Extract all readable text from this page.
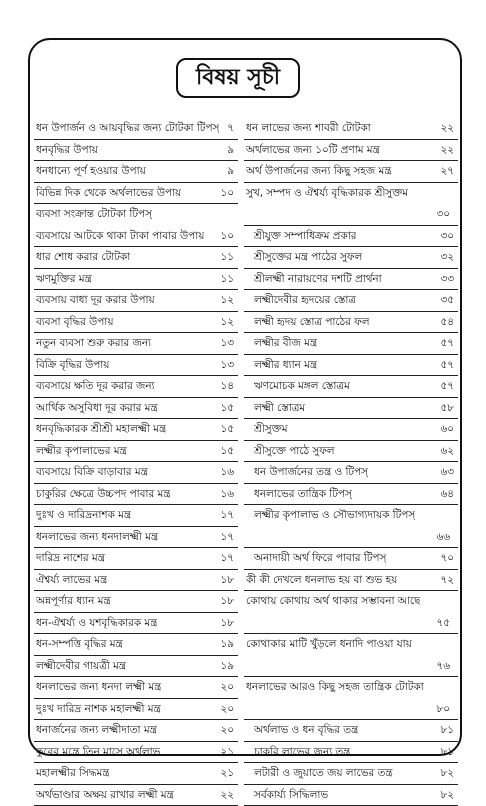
বিষয় সূচী
ধন উপার্জন ও আয়বৃদ্ধির জন্য টোটকা টিপস্ ৭
ধনবৃদ্ধির উপায়	৯
ধনধান্যে পূর্ণ হওয়ার উপায়	৯
বিভিন্ন দিক থেকে অর্থলাভের উপায়	১০
ব্যবসা সংক্রান্ত টোটকা টিপস্
ব্যবসায়ে আটকে থাকা টাকা পাবার উপায় ১০
ধার শোধ করার টোটকা	১১
ঋণমুক্তির মন্ত্র	১১
ব্যবসায় বাধা দূর করার উপায়	১২
ব্যবসা বৃদ্ধির উপায়	১২
নতুন ব্যবসা শুরু করার জন্য	১৩
বিক্রি বৃদ্ধির উপায়	১৩
ব্যবসায়ে ক্ষতি দূর করার জন্য	১৪
আর্থিক অসুবিধা দূর করার মন্ত্র	১৫
ধনবৃদ্ধিকারক শ্রীশ্রী মহালক্ষ্মী মন্ত্র	১৫
লক্ষ্মীর কৃপালাভের মন্ত্র	১৫
ব্যবসায়ে বিক্রি বাড়াবার মন্ত্র	১৬
চাকুরির ক্ষেত্রে উচ্চপদ পাবার মন্ত্র	১৬
দুঃখ ও দারিদ্রনাশক মন্ত্র	১৭
ধনলাভের জন্য ধনদালক্ষ্মী মন্ত্র	১৭
দারিদ্র নাশের মন্ত্র	১৭
ঐশ্বর্য্য লাভের মন্ত্র	১৮
অন্নপূর্ণার ধ্যান মন্ত্র	১৮
ধন-ঐশ্বর্য্য ও যশবৃদ্ধিকারক মন্ত্র	১৮
ধন-সম্পত্তি বৃদ্ধির মন্ত্র	১৯
লক্ষ্মীদেবীর গায়ত্রী মন্ত্র	১৯
ধনলাভের জন্য ধনদা লক্ষ্মী মন্ত্র	২০
দুঃখ দারিদ্র নাশক মহালক্ষ্মী মন্ত্র	২০
ধনার্জনের জন্য লক্ষ্মীদাতা মন্ত্র	২০
কুবের মন্ত্রে তিন মাসে অর্থলাভ	২১
মহালক্ষ্মীর সিদ্ধমন্ত্র	২১
অর্থভাণ্ডার অক্ষয় রাখার লক্ষ্মী মন্ত্র	২২
ধন লাভের জন্য শাবরী টোটকা	২২
অর্থলাভের জন্য ১০টি প্রণাম মন্ত্র	২২
অর্থ উপার্জনের জন্য কিছু সহজ মন্ত্র	২৭
সুখ, সম্পদ ও ঐশ্বর্য্য বৃদ্ধিকারক শ্রীসুক্তম
৩০
শ্রীযুক্ত সম্পাধিক্রম প্রকার	৩০
শ্রীসুক্তের মন্ত্র পাঠের সুফল	৩২
শ্রীলক্ষ্মী নারায়ণের দশটি প্রার্থনা	৩৩
লক্ষ্মীদেবীর হৃদয়ের স্তোত্র	৩৫
লক্ষ্মী হৃদয় স্তোত্র পাঠের ফল	৫৪
লক্ষ্মীর বীজ মন্ত্র	৫৭
লক্ষ্মীর ধ্যান মন্ত্র	৫৭
ঋণমোচক মঙ্গল স্তোত্রম	৫৭
লক্ষ্মী স্তোত্রম	৫৮
শ্রীসুক্তম	৬০
শ্রীসুক্তে পাঠে সুফল	৬২
ধন উপার্জনের তন্ত্র ও টিপস্	৬৩
ধনলাভের তান্ত্রিক টিপস্	৬৪
লক্ষ্মীর কৃপালাভ ও সৌভাগ্যদায়ক টিপস্
৬৬
অনাদায়ী অর্থ ফিরে পাবার টিপস্	৭০
কী কী দেখলে ধনলাভ হয় বা শুভ হয়	৭২
কোথায় কোথায় অর্থ থাকার সম্ভাবনা আছে
৭৫
কোথাকার মাটি খুঁড়লে ধনাদি পাওয়া যায়
৭৬
ধনলাভের আরও কিছু সহজ তান্ত্রিক টোটকা
৮০
অর্থলাভ ও ধন বৃদ্ধির তন্ত্র	৮১
চাকরি লাভের জন্য তন্ত্র	৮১
লটারী ও জুয়াতে জয় লাভের তন্ত্র	৮২
সর্বকার্য্য সিদ্ধিলাভ	৮২
